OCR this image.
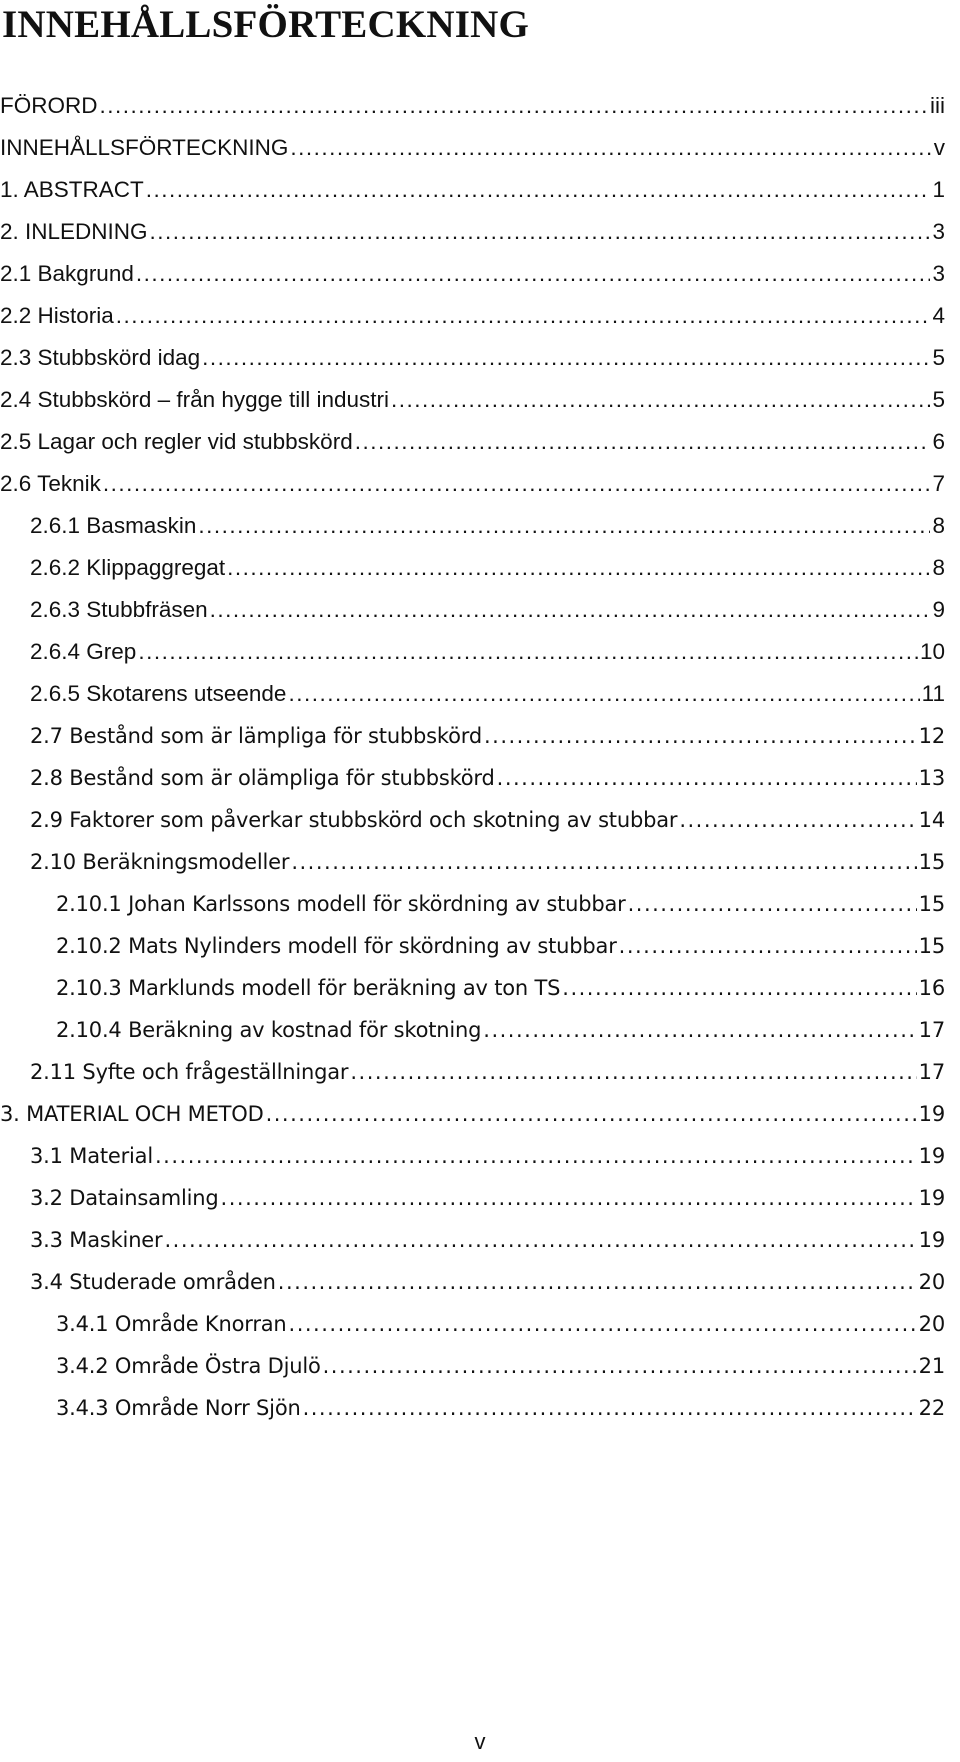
INNEHÅLLSFÖRTECKNING
FÖRORD .....	iii
INNEHÅLLSFÖRTECKNING .....	v
1. ABSTRACT .....	1
2. INLEDNING .....	3
2.1 Bakgrund .....	3
2.2 Historia .....	4
2.3 Stubbskörd idag .....	5
2.4 Stubbskörd – från hygge till industri .....	5
2.5 Lagar och regler vid stubbskörd .....	6
2.6 Teknik .....	7
2.6.1 Basmaskin .....	8
2.6.2 Klippaggregat .....	8
2.6.3 Stubbfräsen .....	9
2.6.4 Grep .....	10
2.6.5 Skotarens utseende .....	11
2.7 Bestånd som är lämpliga för stubbskörd .....	12
2.8 Bestånd som är olämpliga för stubbskörd .....	13
2.9 Faktorer som påverkar stubbskörd och skotning av stubbar .....	14
2.10 Beräkningsmodeller .....	15
2.10.1 Johan Karlssons modell för skördning av stubbar .....	15
2.10.2 Mats Nylinders modell för skördning av stubbar .....	15
2.10.3 Marklunds modell för beräkning av ton TS .....	16
2.10.4 Beräkning av kostnad för skotning .....	17
2.11 Syfte och frågeställningar .....	17
3. MATERIAL OCH METOD .....	19
3.1 Material .....	19
3.2 Datainsamling .....	19
3.3 Maskiner .....	19
3.4 Studerade områden .....	20
3.4.1 Område Knorran .....	20
3.4.2 Område Östra Djulö .....	21
3.4.3 Område Norr Sjön .....	22
v
